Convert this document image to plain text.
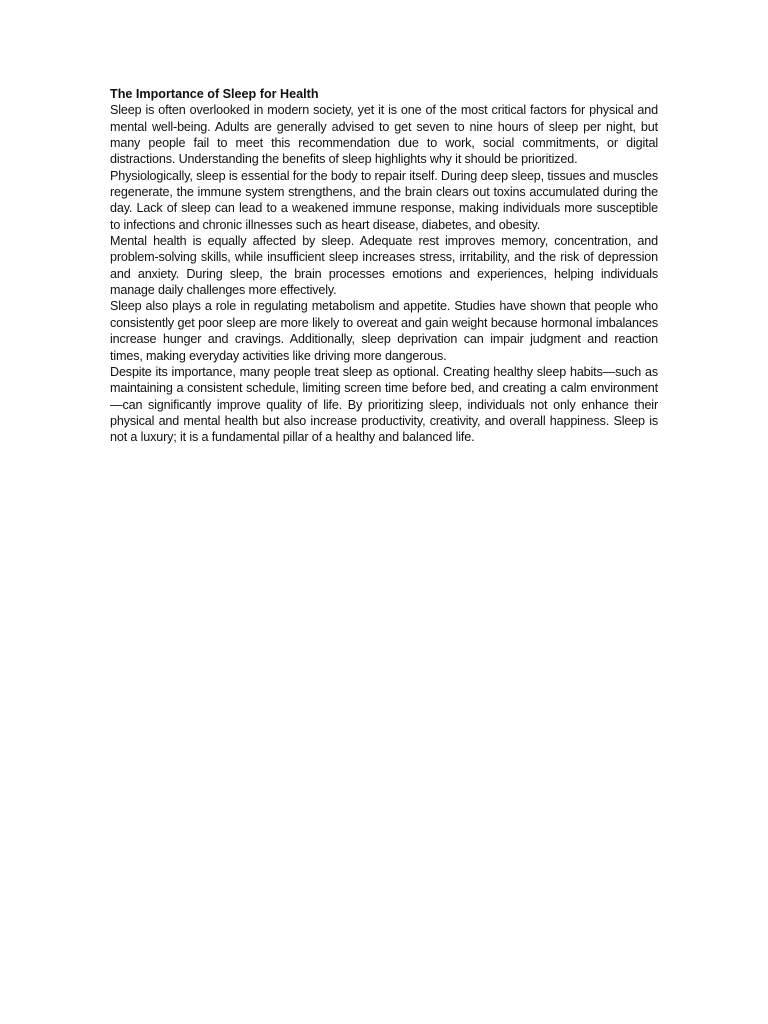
The Importance of Sleep for Health

Sleep is often overlooked in modern society, yet it is one of the most critical factors for physical and mental well-being. Adults are generally advised to get seven to nine hours of sleep per night, but many people fail to meet this recommendation due to work, social commitments, or digital distractions. Understanding the benefits of sleep highlights why it should be prioritized.

Physiologically, sleep is essential for the body to repair itself. During deep sleep, tissues and muscles regenerate, the immune system strengthens, and the brain clears out toxins accumulated during the day. Lack of sleep can lead to a weakened immune response, making individuals more susceptible to infections and chronic illnesses such as heart disease, diabetes, and obesity.

Mental health is equally affected by sleep. Adequate rest improves memory, concentration, and problem-solving skills, while insufficient sleep increases stress, irritability, and the risk of depression and anxiety. During sleep, the brain processes emotions and experiences, helping individuals manage daily challenges more effectively.

Sleep also plays a role in regulating metabolism and appetite. Studies have shown that people who consistently get poor sleep are more likely to overeat and gain weight because hormonal imbalances increase hunger and cravings. Additionally, sleep deprivation can impair judgment and reaction times, making everyday activities like driving more dangerous.

Despite its importance, many people treat sleep as optional. Creating healthy sleep habits—such as maintaining a consistent schedule, limiting screen time before bed, and creating a calm environment—can significantly improve quality of life. By prioritizing sleep, individuals not only enhance their physical and mental health but also increase productivity, creativity, and overall happiness. Sleep is not a luxury; it is a fundamental pillar of a healthy and balanced life.
